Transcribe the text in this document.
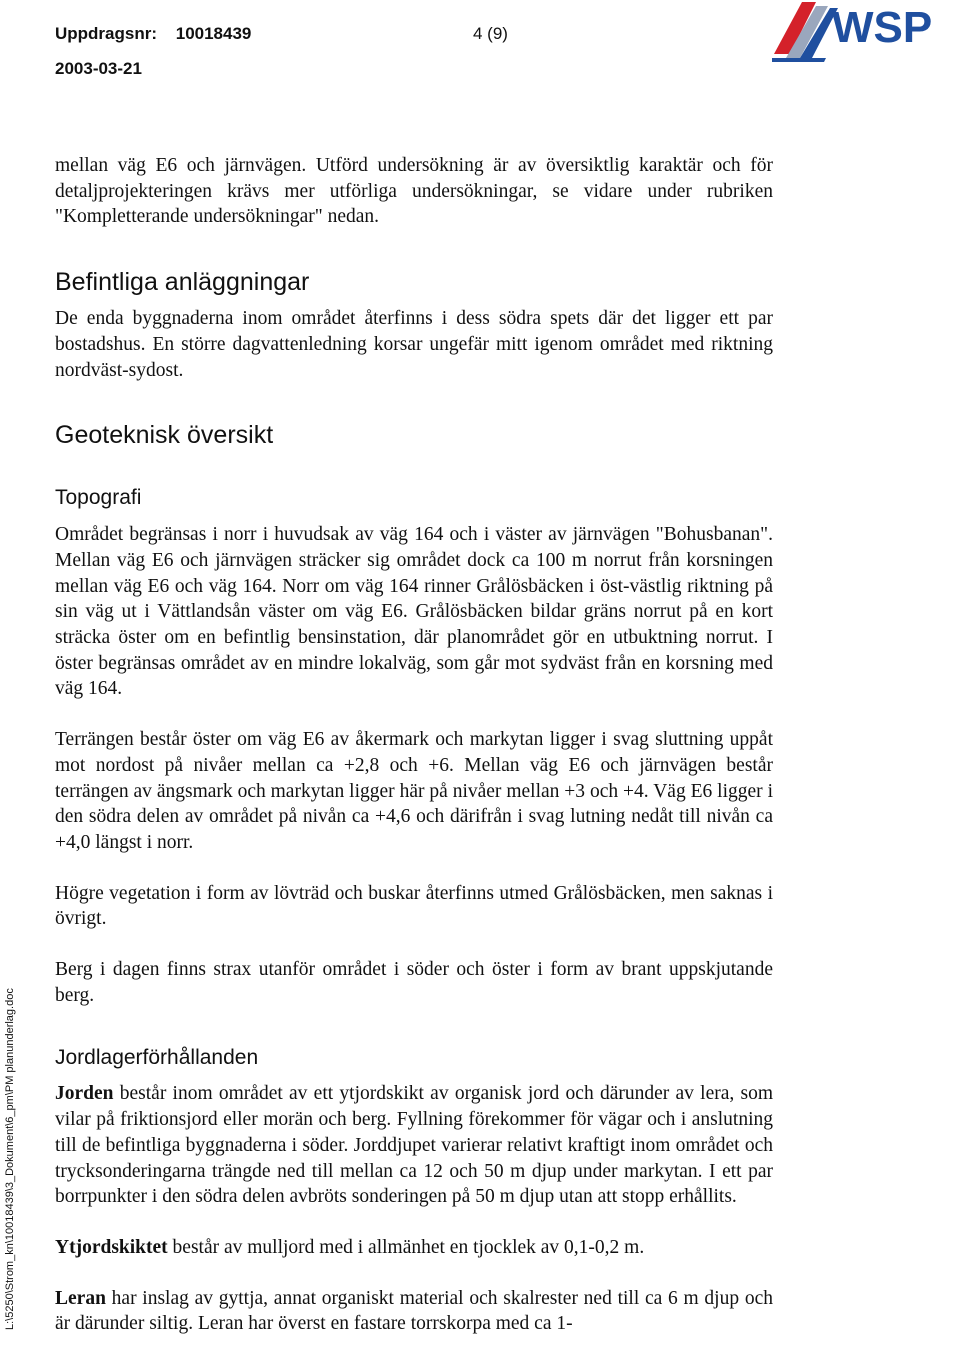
Uppdragsnr: 10018439	4 (9)
2003-03-21
WSP
L:\5250\Strom_kn\10018439\3_Dokument\6_pm\PM planunderlag.doc

mellan väg E6 och järnvägen. Utförd undersökning är av översiktlig karaktär och för detaljprojekteringen krävs mer utförliga undersökningar, se vidare under rubriken "Kompletterande undersökningar" nedan.

Befintliga anläggningar

De enda byggnaderna inom området återfinns i dess södra spets där det ligger ett par bostadshus. En större dagvattenledning korsar ungefär mitt igenom området med riktning nordväst-sydost.

Geoteknisk översikt
Topografi

Området begränsas i norr i huvudsak av väg 164 och i väster av järnvägen "Bohusbanan". Mellan väg E6 och järnvägen sträcker sig området dock ca 100 m norrut från korsningen mellan väg E6 och väg 164. Norr om väg 164 rinner Grålösbäcken i öst-västlig riktning på sin väg ut i Vättlandsån väster om väg E6. Grålösbäcken bildar gräns norrut på en kort sträcka öster om en befintlig bensinstation, där planområdet gör en utbuktning norrut. I öster begränsas området av en mindre lokalväg, som går mot sydväst från en korsning med väg 164.

Terrängen består öster om väg E6 av åkermark och markytan ligger i svag sluttning uppåt mot nordost på nivåer mellan ca +2,8 och +6. Mellan väg E6 och järnvägen består terrängen av ängsmark och markytan ligger här på nivåer mellan +3 och +4. Väg E6 ligger i den södra delen av området på nivån ca +4,6 och därifrån i svag lutning nedåt till nivån ca +4,0 längst i norr.

Högre vegetation i form av lövträd och buskar återfinns utmed Grålösbäcken, men saknas i övrigt.

Berg i dagen finns strax utanför området i söder och öster i form av brant uppskjutande berg.

Jordlagerförhållanden

Jorden består inom området av ett ytjordskikt av organisk jord och därunder av lera, som vilar på friktionsjord eller morän och berg. Fyllning förekommer för vägar och i anslutning till de befintliga byggnaderna i söder. Jorddjupet varierar relativt kraftigt inom området och trycksonderingarna trängde ned till mellan ca 12 och 50 m djup under markytan. I ett par borrpunkter i den södra delen avbröts sonderingen på 50 m djup utan att stopp erhållits.

Ytjordskiktet består av mulljord med i allmänhet en tjocklek av 0,1-0,2 m.

Leran har inslag av gyttja, annat organiskt material och skalrester ned till ca 6 m djup och är därunder siltig. Leran har överst en fastare torrskorpa med ca 1-
